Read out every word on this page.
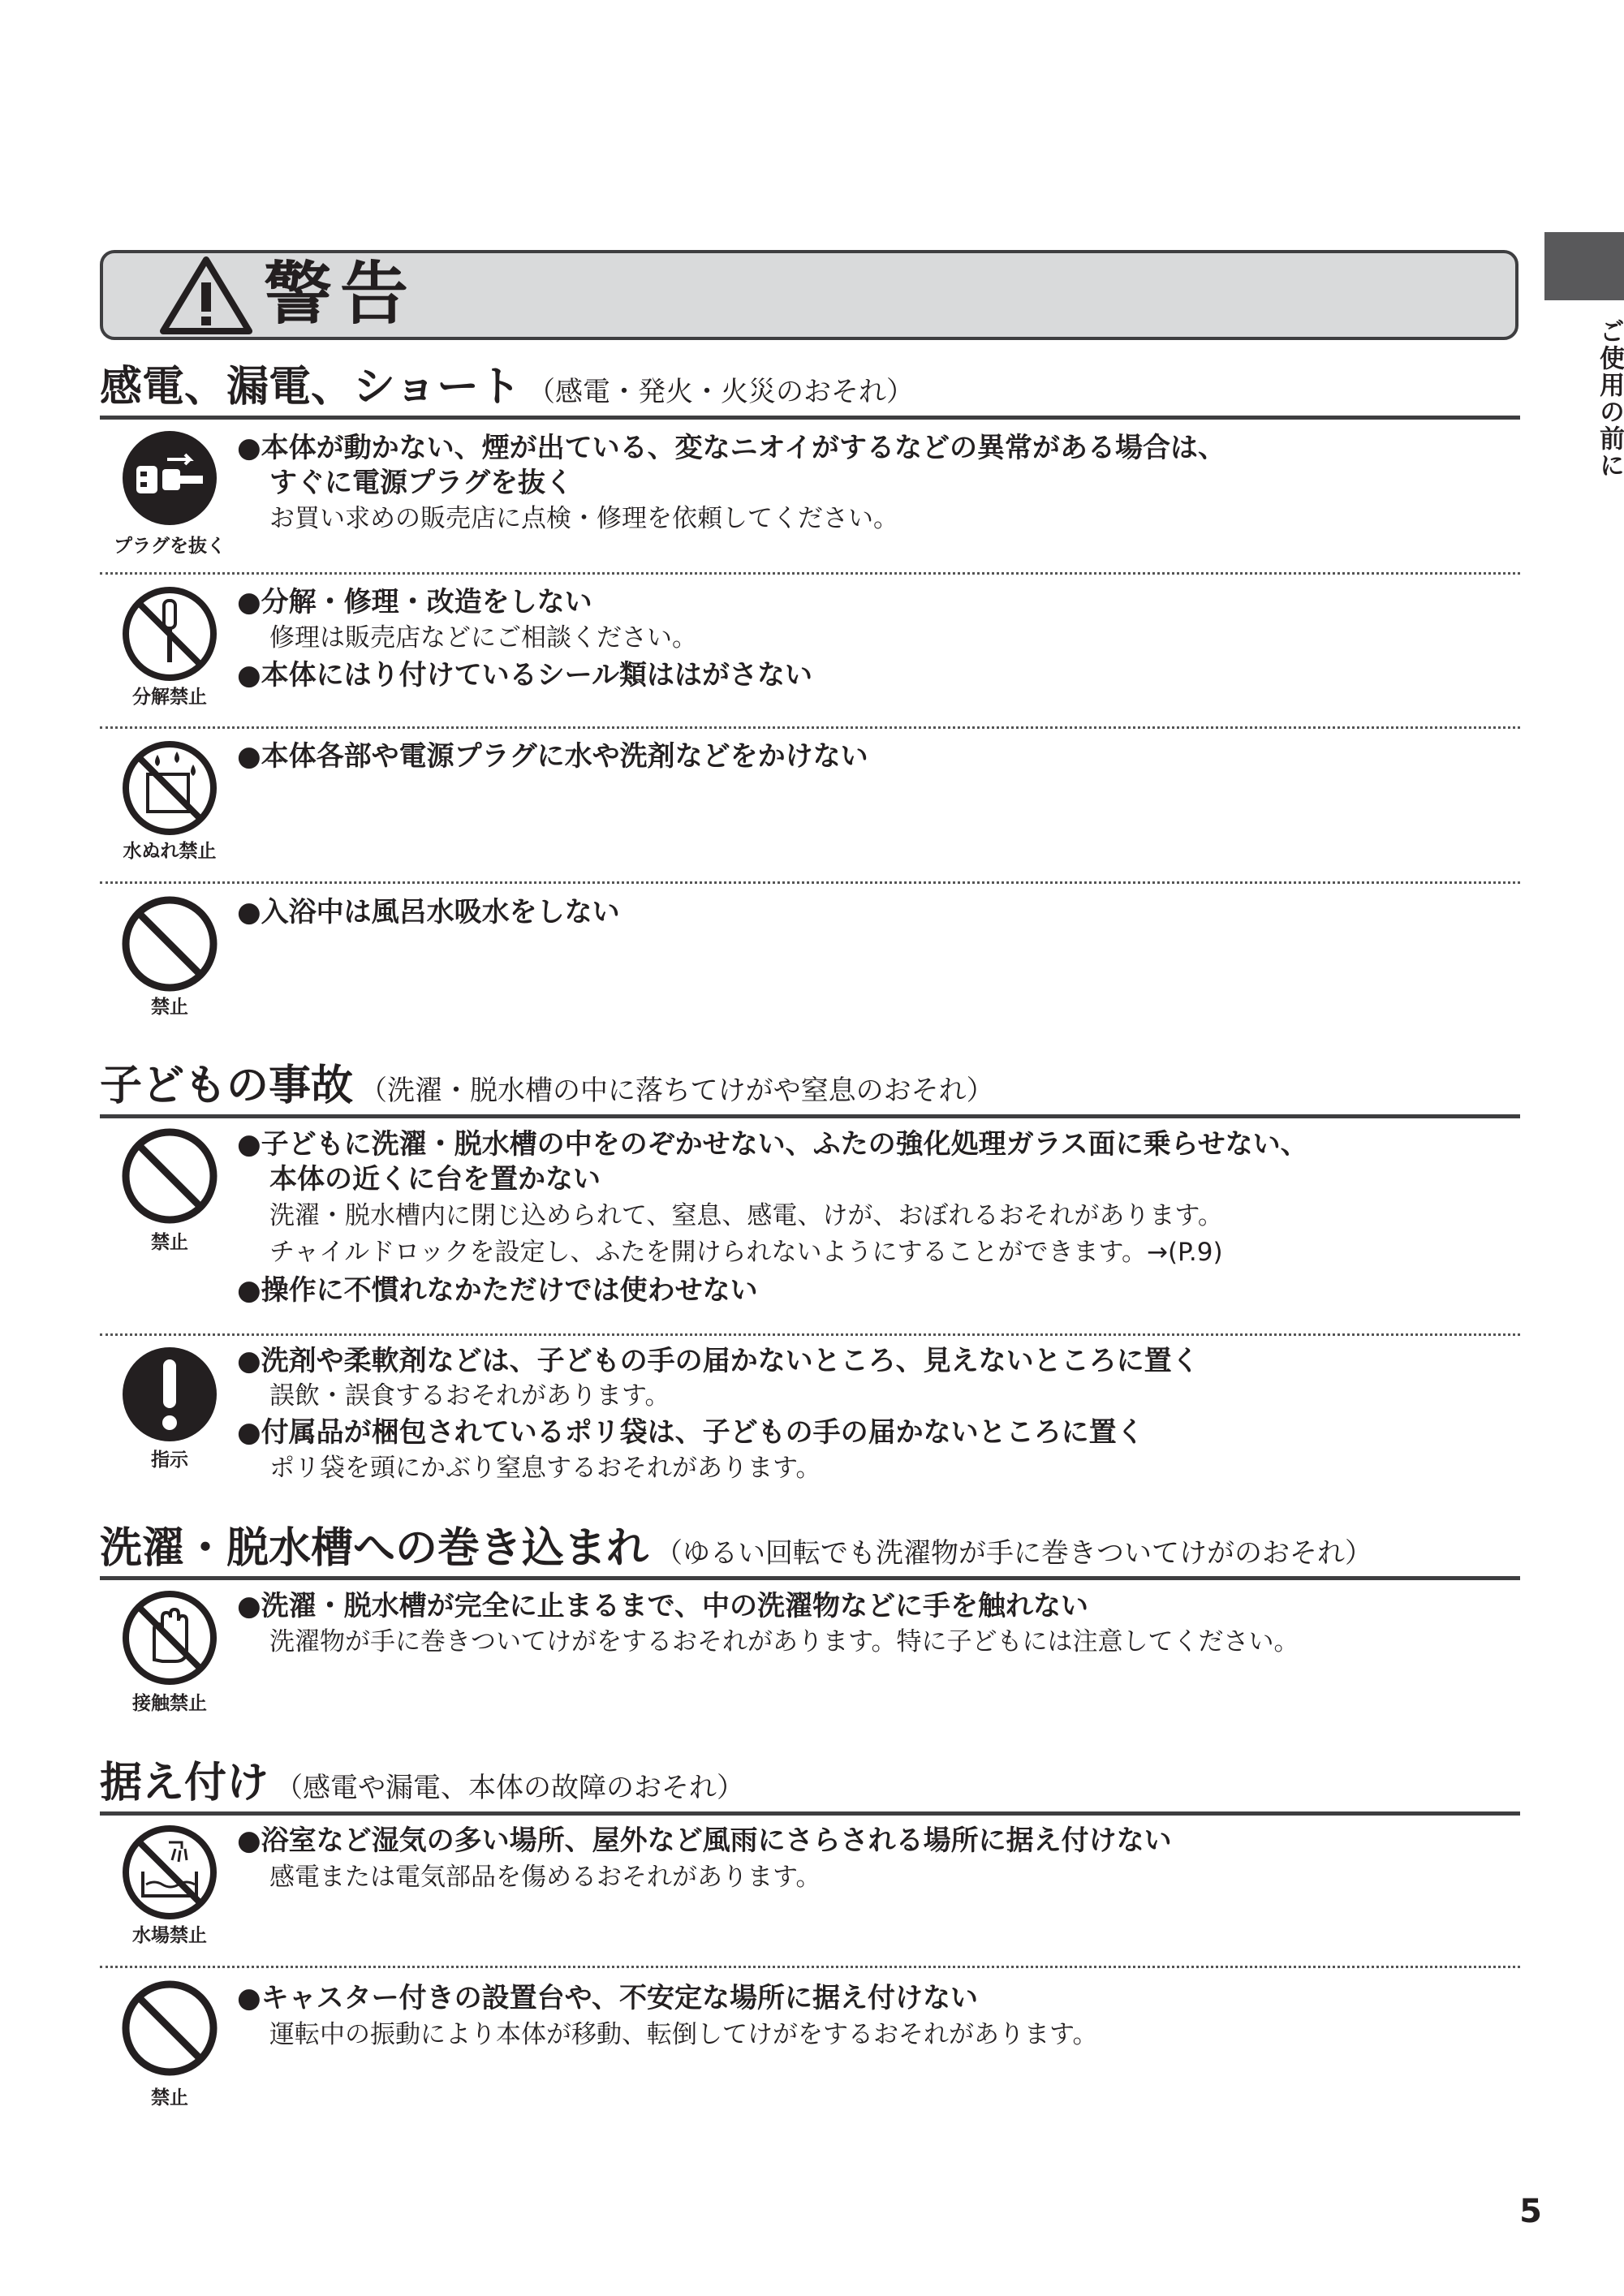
ご使用の前に
警告
感電、漏電、ショート （感電・発火・火災のおそれ）
プラグを抜く
●本体が動かない、煙が出ている、変なニオイがするなどの異常がある場合は、
すぐに電源プラグを抜く
お買い求めの販売店に点検・修理を依頼してください。
分解禁止
●分解・修理・改造をしない
修理は販売店などにご相談ください。
●本体にはり付けているシール類ははがさない
水ぬれ禁止
●本体各部や電源プラグに水や洗剤などをかけない
禁止
●入浴中は風呂水吸水をしない
子どもの事故 （洗濯・脱水槽の中に落ちてけがや窒息のおそれ）
禁止
●子どもに洗濯・脱水槽の中をのぞかせない、ふたの強化処理ガラス面に乗らせない、
本体の近くに台を置かない
洗濯・脱水槽内に閉じ込められて、窒息、感電、けが、おぼれるおそれがあります。
チャイルドロックを設定し、ふたを開けられないようにすることができます。→(P.9)
●操作に不慣れなかただけでは使わせない
指示
●洗剤や柔軟剤などは、子どもの手の届かないところ、見えないところに置く
誤飲・誤食するおそれがあります。
●付属品が梱包されているポリ袋は、子どもの手の届かないところに置く
ポリ袋を頭にかぶり窒息するおそれがあります。
洗濯・脱水槽への巻き込まれ （ゆるい回転でも洗濯物が手に巻きついてけがのおそれ）
接触禁止
●洗濯・脱水槽が完全に止まるまで、中の洗濯物などに手を触れない
洗濯物が手に巻きついてけがをするおそれがあります。特に子どもには注意してください。
据え付け （感電や漏電、本体の故障のおそれ）
水場禁止
●浴室など湿気の多い場所、屋外など風雨にさらされる場所に据え付けない
感電または電気部品を傷めるおそれがあります。
禁止
●キャスター付きの設置台や、不安定な場所に据え付けない
運転中の振動により本体が移動、転倒してけがをするおそれがあります。
5
